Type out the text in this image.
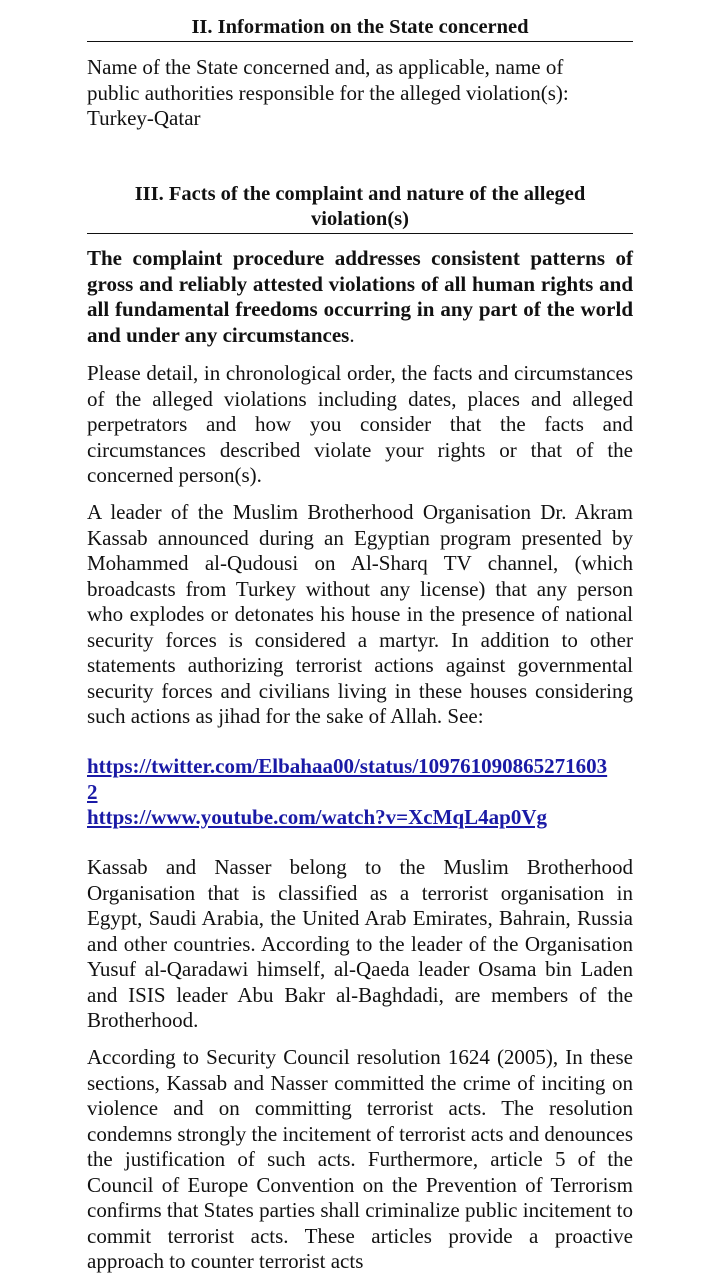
II. Information on the State concerned
Name of the State concerned and, as applicable, name of
public authorities responsible for the alleged violation(s):
Turkey-Qatar
III. Facts of the complaint and nature of the alleged violation(s)

The complaint procedure addresses consistent patterns of gross and reliably attested violations of all human rights and all fundamental freedoms occurring in any part of the world and under any circumstances.

Please detail, in chronological order, the facts and circumstances of the alleged violations including dates, places and alleged perpetrators and how you consider that the facts and circumstances described violate your rights or that of the concerned person(s).

A leader of the Muslim Brotherhood Organisation Dr. Akram Kassab announced during an Egyptian program presented by Mohammed al-Qudousi on Al-Sharq TV channel, (which broadcasts from Turkey without any license) that any person who explodes or detonates his house in the presence of national security forces is considered a martyr. In addition to other statements authorizing terrorist actions against governmental security forces and civilians living in these houses considering such actions as jihad for the sake of Allah. See:

https://twitter.com/Elbahaa00/status/109761090865271603
2
https://www.youtube.com/watch?v=XcMqL4ap0Vg

Kassab and Nasser belong to the Muslim Brotherhood Organisation that is classified as a terrorist organisation in Egypt, Saudi Arabia, the United Arab Emirates, Bahrain, Russia and other countries. According to the leader of the Organisation Yusuf al-Qaradawi himself, al-Qaeda leader Osama bin Laden and ISIS leader Abu Bakr al-Baghdadi, are members of the Brotherhood.

According to Security Council resolution 1624 (2005), In these sections, Kassab and Nasser committed the crime of inciting on violence and on committing terrorist acts. The resolution condemns strongly the incitement of terrorist acts and denounces the justification of such acts. Furthermore, article 5 of the Council of Europe Convention on the Prevention of Terrorism confirms that States parties shall criminalize public incitement to commit terrorist acts. These articles provide a proactive approach to counter terrorist acts
